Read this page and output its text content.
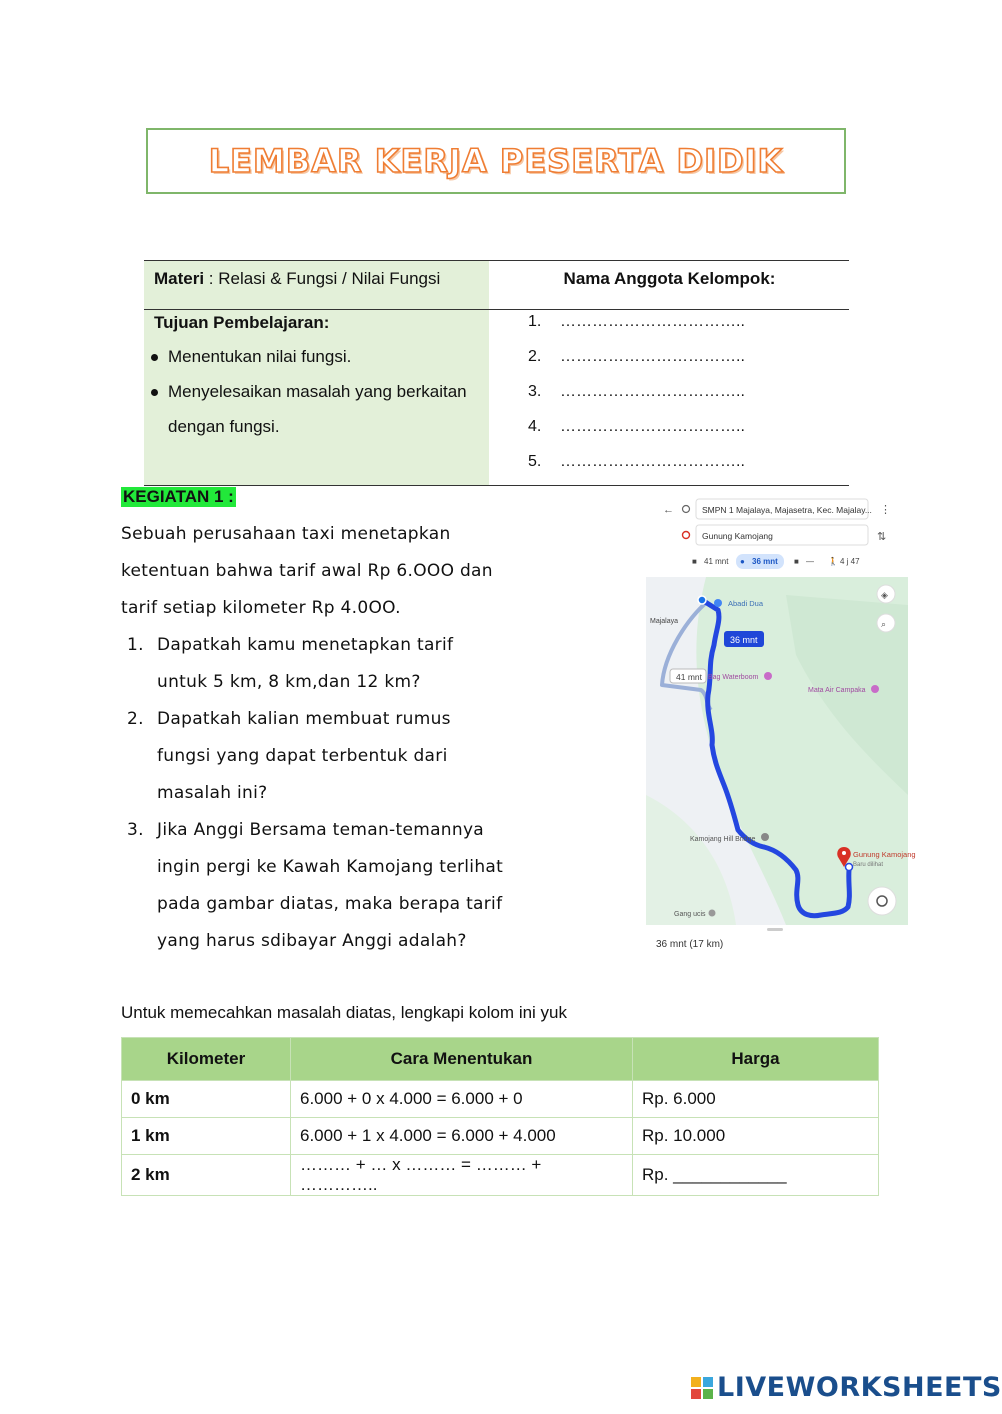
LEMBAR KERJA PESERTA DIDIK
Materi : Relasi & Fungsi / Nilai Fungsi	Nama Anggota Kelompok:
Tujuan Pembelajaran:
Menentukan nilai fungsi.
Menyelesaikan masalah yang berkaitan
dengan fungsi.
1. ……………………………..
2. ……………………………..
3. ……………………………..
4. ……………………………..
5. ……………………………..
KEGIATAN 1 :
Sebuah perusahaan taxi menetapkan
ketentuan bahwa tarif awal Rp 6.OOO dan
tarif setiap kilometer Rp 4.0OO.
1. Dapatkah kamu menetapkan tarif
untuk 5 km, 8 km,dan 12 km?
2. Dapatkah kalian membuat rumus
fungsi yang dapat terbentuk dari
masalah ini?
3. Jika Anggi Bersama teman-temannya
ingin pergi ke Kawah Kamojang terlihat
pada gambar diatas, maka berapa tarif
yang harus sdibayar Anggi adalah?
←	SMPN 1 Majalaya, Majasetra, Kec. Majalay... ⋮
Gunung Kamojang	⇅
■ 41 mnt ● 36 mnt ■ — 🚶 4 j 47
36 mnt
41 mnt
Majalaya
Abadi Dua
Bag Waterboom
Mata Air Campaka
Kamojang Hill Bridge
Gang ucis
Gunung Kamojang
Baru dilihat
◈
⌕
36 mnt (17 km)
Untuk memecahkan masalah diatas, lengkapi kolom ini yuk
Kilometer	Cara Menentukan	Harga
0 km	6.000 + 0 x 4.000 = 6.000 + 0	Rp. 6.000
1 km	6.000 + 1 x 4.000 = 6.000 + 4.000	Rp. 10.000
2 km	……… + … x ……… = ……… + …………..	Rp. ____________
LIVEWORKSHEETS
